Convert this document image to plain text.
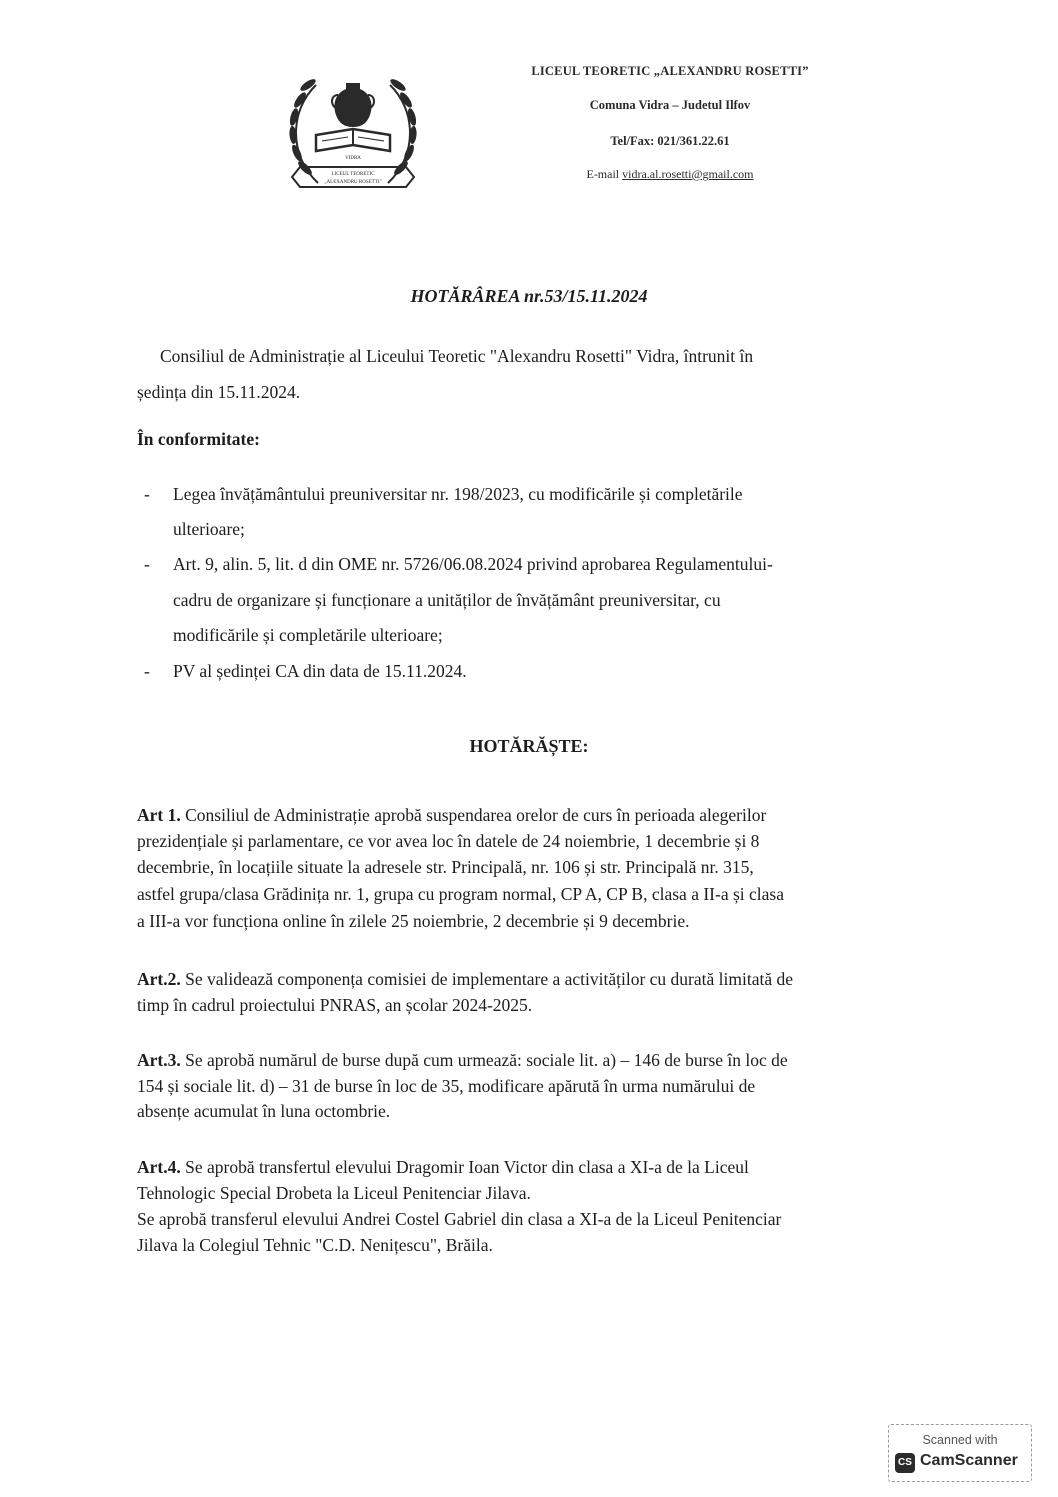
VIDRA
LICEUL TEORETIC
„ALEXANDRU ROSETTI”
LICEUL TEORETIC „ALEXANDRU ROSETTI”
Comuna Vidra – Judetul Ilfov
Tel/Fax: 021/361.22.61
E-mail vidra.al.rosetti@gmail.com
HOTĂRÂREA nr.53/15.11.2024
Consiliul de Administrație al Liceului Teoretic "Alexandru Rosetti" Vidra, întrunit în
ședința din 15.11.2024.
În conformitate:
- Legea învățământului preuniversitar nr. 198/2023, cu modificările și completările
ulterioare;
- Art. 9, alin. 5, lit. d din OME nr. 5726/06.08.2024 privind aprobarea Regulamentului-
cadru de organizare și funcționare a unităților de învățământ preuniversitar, cu
modificările și completările ulterioare;
- PV al ședinței CA din data de 15.11.2024.
HOTĂRĂȘTE:
Art 1. Consiliul de Administrație aprobă suspendarea orelor de curs în perioada alegerilor
prezidențiale și parlamentare, ce vor avea loc în datele de 24 noiembrie, 1 decembrie și 8
decembrie, în locațiile situate la adresele str. Principală, nr. 106 și str. Principală nr. 315,
astfel grupa/clasa Grădinița nr. 1, grupa cu program normal, CP A, CP B, clasa a II-a și clasa
a III-a vor funcționa online în zilele 25 noiembrie, 2 decembrie și 9 decembrie.
Art.2. Se validează componența comisiei de implementare a activităților cu durată limitată de
timp în cadrul proiectului PNRAS, an școlar 2024-2025.
Art.3. Se aprobă numărul de burse după cum urmează: sociale lit. a) – 146 de burse în loc de
154 și sociale lit. d) – 31 de burse în loc de 35, modificare apărută în urma numărului de
absențe acumulat în luna octombrie.
Art.4. Se aprobă transfertul elevului Dragomir Ioan Victor din clasa a XI-a de la Liceul
Tehnologic Special Drobeta la Liceul Penitenciar Jilava.
Se aprobă transferul elevului Andrei Costel Gabriel din clasa a XI-a de la Liceul Penitenciar
Jilava la Colegiul Tehnic "C.D. Nenițescu", Brăila.
Scanned with
CS CamScanner
